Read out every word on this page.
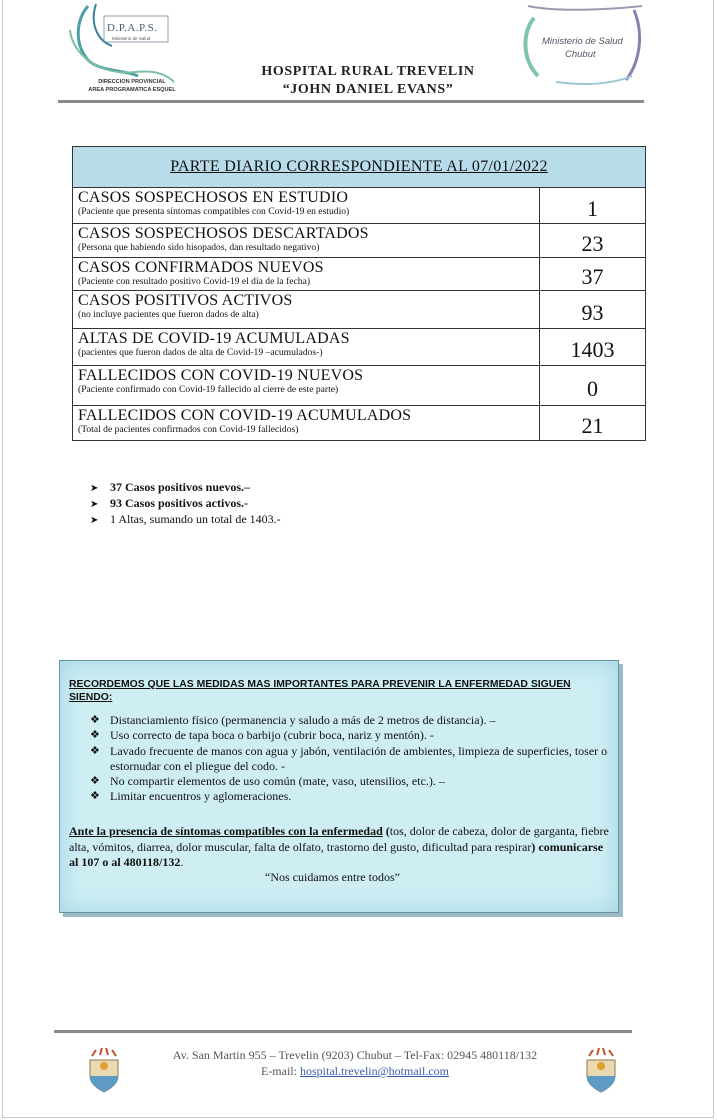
D.P.A.P.S.
Ministerio de Salud
DIRECCION PROVINCIAL
AREA PROGRAMATICA ESQUEL
Ministerio de Salud
Chubut
HOSPITAL RURAL TREVELIN
“JOHN DANIEL EVANS”
PARTE DIARIO CORRESPONDIENTE AL 07/01/2022	

CASOS SOSPECHOSOS EN ESTUDIO
(Paciente que presenta síntomas compatibles con Covid-19 en estudio)	1

CASOS SOSPECHOSOS DESCARTADOS
(Persona que habiendo sido hisopados, dan resultado negativo)	23

CASOS CONFIRMADOS NUEVOS
(Paciente con resultado positivo Covid-19 el día de la fecha)	37

CASOS POSITIVOS ACTIVOS
(no incluye pacientes que fueron dados de alta)	93

ALTAS DE COVID-19 ACUMULADAS
(pacientes que fueron dados de alta de Covid-19 –acumulados-)	1403

FALLECIDOS CON COVID-19 NUEVOS
(Paciente confirmado con Covid-19 fallecido al cierre de este parte)	0

FALLECIDOS CON COVID-19 ACUMULADOS
(Total de pacientes confirmados con Covid-19 fallecidos)	21
➤ 37 Casos positivos nuevos.–
➤ 93 Casos positivos activos.-
➤ 1 Altas, sumando un total de 1403.-
RECORDEMOS QUE LAS MEDIDAS MAS IMPORTANTES PARA PREVENIR LA ENFERMEDAD SIGUEN SIENDO:
❖ Distanciamiento físico (permanencia y saludo a más de 2 metros de distancia). –
❖ Uso correcto de tapa boca o barbijo (cubrir boca, nariz y mentón). -
❖ Lavado frecuente de manos con agua y jabón, ventilación de ambientes, limpieza de superficies, toser o estornudar con el pliegue del codo. -
❖ No compartir elementos de uso común (mate, vaso, utensilios, etc.). –
❖ Limitar encuentros y aglomeraciones.
Ante la presencia de síntomas compatibles con la enfermedad (tos, dolor de cabeza, dolor de garganta, fiebre alta, vómitos, diarrea, dolor muscular, falta de olfato, trastorno del gusto, dificultad para respirar) comunicarse al 107 o al 480118/132.
“Nos cuidamos entre todos”
Av. San Martin 955 – Trevelin (9203) Chubut – Tel-Fax: 02945 480118/132
E-mail: hospital.trevelin@hotmail.com
